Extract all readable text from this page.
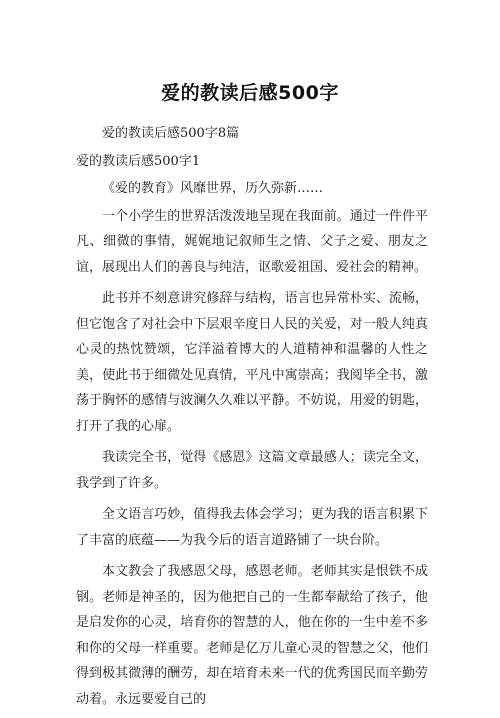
爱的教读后感500字

爱的教读后感500字8篇

爱的教读后感500字1

《爱的教育》风靡世界，历久弥新……

一个小学生的世界活泼泼地呈现在我面前。通过一件件平凡、细微的事情，娓娓地记叙师生之情、父子之爱、朋友之谊，展现出人们的善良与纯洁，讴歌爱祖国、爱社会的精神。

此书并不刻意讲究修辞与结构，语言也异常朴实、流畅，但它饱含了对社会中下层艰辛度日人民的关爱，对一般人纯真心灵的热忱赞颂，它洋溢着博大的人道精神和温馨的人性之美，使此书于细微处见真情，平凡中寓崇高；我阅毕全书，激荡于胸怀的感情与波澜久久难以平静。不妨说，用爱的钥匙，打开了我的心扉。

我读完全书，觉得《感恩》这篇文章最感人；读完全文，我学到了许多。

全文语言巧妙，值得我去体会学习；更为我的语言积累下了丰富的底蕴——为我今后的语言道路铺了一块台阶。

本文教会了我感恩父母，感恩老师。老师其实是恨铁不成钢。老师是神圣的，因为他把自己的一生都奉献给了孩子，他是启发你的心灵，培育你的智慧的人，他在你的一生中差不多和你的父母一样重要。老师是亿万儿童心灵的智慧之父，他们得到极其微薄的酬劳，却在培育未来一代的优秀国民而辛勤劳动着。永远要爱自己的
